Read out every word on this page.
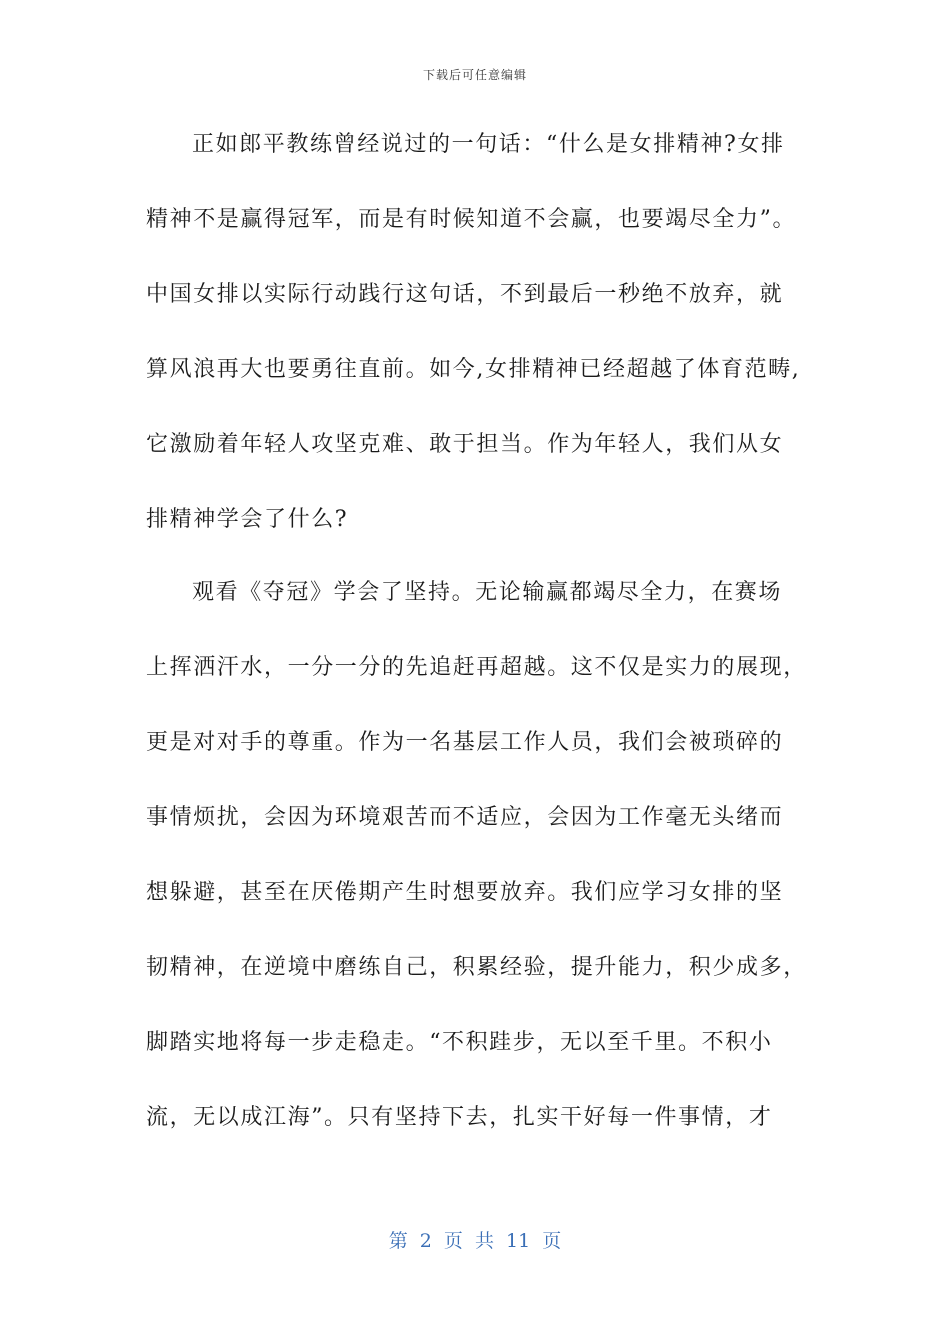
下载后可任意编辑
正如郎平教练曾经说过的一句话：“什么是女排精神?女排
精神不是赢得冠军，而是有时候知道不会赢，也要竭尽全力”。
中国女排以实际行动践行这句话，不到最后一秒绝不放弃，就
算风浪再大也要勇往直前。如今,女排精神已经超越了体育范畴,
它激励着年轻人攻坚克难、敢于担当。作为年轻人，我们从女
排精神学会了什么?
观看《夺冠》学会了坚持。无论输赢都竭尽全力，在赛场
上挥洒汗水，一分一分的先追赶再超越。这不仅是实力的展现，
更是对对手的尊重。作为一名基层工作人员，我们会被琐碎的
事情烦扰，会因为环境艰苦而不适应，会因为工作毫无头绪而
想躲避，甚至在厌倦期产生时想要放弃。我们应学习女排的坚
韧精神，在逆境中磨练自己，积累经验，提升能力，积少成多，
脚踏实地将每一步走稳走。“不积跬步，无以至千里。不积小
流，无以成江海”。只有坚持下去，扎实干好每一件事情，才
第 2 页 共 11 页
